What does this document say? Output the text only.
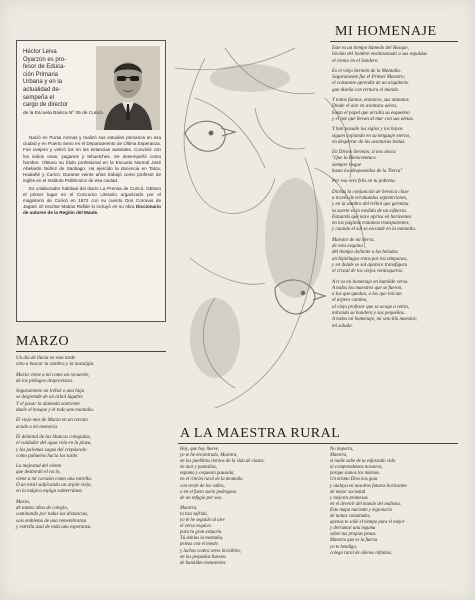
Héctor Leiva
Oyarzún es pro-
fesor de Educa-
ción Primaria
Urbana y en la
actualidad de-
sempeña el
cargo de director
de la Escuela Básica Nº 35 de Curicó.

Nació en Punta Arenas y realizó sus estudios primarios en esa ciudad y en Puerto Seno en el Departamento de Última Esperanza. Fue ovejero y velicó los en las estancias australes. Convivió con los indios onas, yaganes y tehuelches. Se desempeñó como hombre. Obtuvo su título profesional en la Escuela Normal José Abelardo Núñez de Santiago. Ha ejercido la docencia en Talca, Hualañé y Curicó. Durante veinte años trabajó como profesor de inglés en el Instituto Politécnico de esa ciudad.

Es colaborador habitual del diario La Prensa de Curicó. Obtuvo el primer lugar en el Concurso Literario organizado por el magisterio de Curicó en 1972 con su cuento Dos Coronas de Jagüel. El escritor Matías Rafide lo incluyó en su obra Diccionario de autores de la Región del Maule.

MI HOMENAJE

Este es un tiempo húmedo del Bosque,
llovido del hombre ensimismado a sus espaldas
el viento en el Sendero.

Es el viejo Sermón de la Montaña.
Seguramente fue el Primer Maestro;
el constante aprendiz de un arquitecto
que diseña con ternura el mundo.

Y todos fuimos, entonces, sus alumnos.
Desde el aire en aventura aérea,
hasta el papel que arrulla su esqueleto
y el pez que llevan al mar con sus aletas.

Y han pasado los siglos y los hayas
siguen copiando en su lenguaje eterno,
en despertar de las aventuras lentas.

En Divino Sermón, sí nos decía:
"Que la Bienaventura
siempre llegue
hasta los desposeídos de la Tierra"

Por eso eres feliz en tu pobreza.

Dichas la conjunción de heroica clase
a través de errabundos septentriones,
y en la sombra del trébol que germina
tu suerte es la medida de un esfuerzo.
Estuardo que nace aprisa en horizontes
en las páginas tratamos transparentes,
y cuando el sol se esconde en la montaña.

Maestro de mi tierra,
de esta esquina
del tiempo doliente a los helados
archipiélagos rotos por los témpanos,
y en donde se sol aparece transfigura
el cristal de los viejos ventisqueros.

A ti va mi homenaje en humilde verso.
A todos los maestros que se fueron,
a los que quedan, a los que inician
el arpero camino,
al viejo profesor que se acoge a retiro,
mirando su bandera y sus pequeños.
A todos mi homenaje, mi sencilla maestra;
mi saludo.

MARZO

Un día de lluvia en esta tarde
vino a buscar la sombra y la nostalgia.

Marzo viene a mí como un recuerdo,
de los piélagos desprovistos.

Seguramente un trébol o una hoja
se desprende de un árbol lúgubre
Y el pasar la alameda sonriente
duele el bosque y el todo une montaña.

El viejo mes de Marzo en un retrato
acude a mi memoria.

El delantal de las blancas colegialas,
el cuidador del agua vela en la plaza,
y los palomas sagas del crepúsculo
como pañuelos hacia los tarde.

La majestad del viento
que desbordó el rocío,
viene a mi corazón como una estrella.
O un misil salpicando un arpón viejo,
en la mágica espiga subterránea.

Marzo,
de tantos años de colegio,
caminando por todas las distancias,
sois emblema de una remembranza
y estrella azul de toda una esperanza.

A LA MAESTRA RURAL

Hoy, que hoy llueve,
yo te he encontrado, Maestra,
en los pueblitos tiernos de la vida de clases,
en mar y pantallas,
espuma y orquesta pausada,
en el rincón rural de la montaña
con verde de los valles,
o en el fuero suelo pedregoso
de un refugio por sea.

Maestra,
tu tiza sufrida,
yo te he seguido al aire
el verso esquivo
para tu gran estuario.
Tú doblas la montaña,
peleas con el miedo
y luchas contra seres invisibles,
en las pequeñas huestes
de humildes menesteres.

No importa,
Maestra,
si nadie sabe de tu esforzado vida
ni comprendemos nosotros,
porque somos los mismos.
Un mismo Dios nos guía
y atalaya en nosotros futuros horizontes
de mejor sociedad
y mejores promesas
en el devenir del mundo del mañana.
Este mapa naciente y legionario
de tantas voluntades,
apenas te soñé el tiempo para el mejor
y derramar una leguma
sobre tus propias penas.
Maestra que es la fuerza
yo te bendigo,
colega rural de silenos infinitos.
